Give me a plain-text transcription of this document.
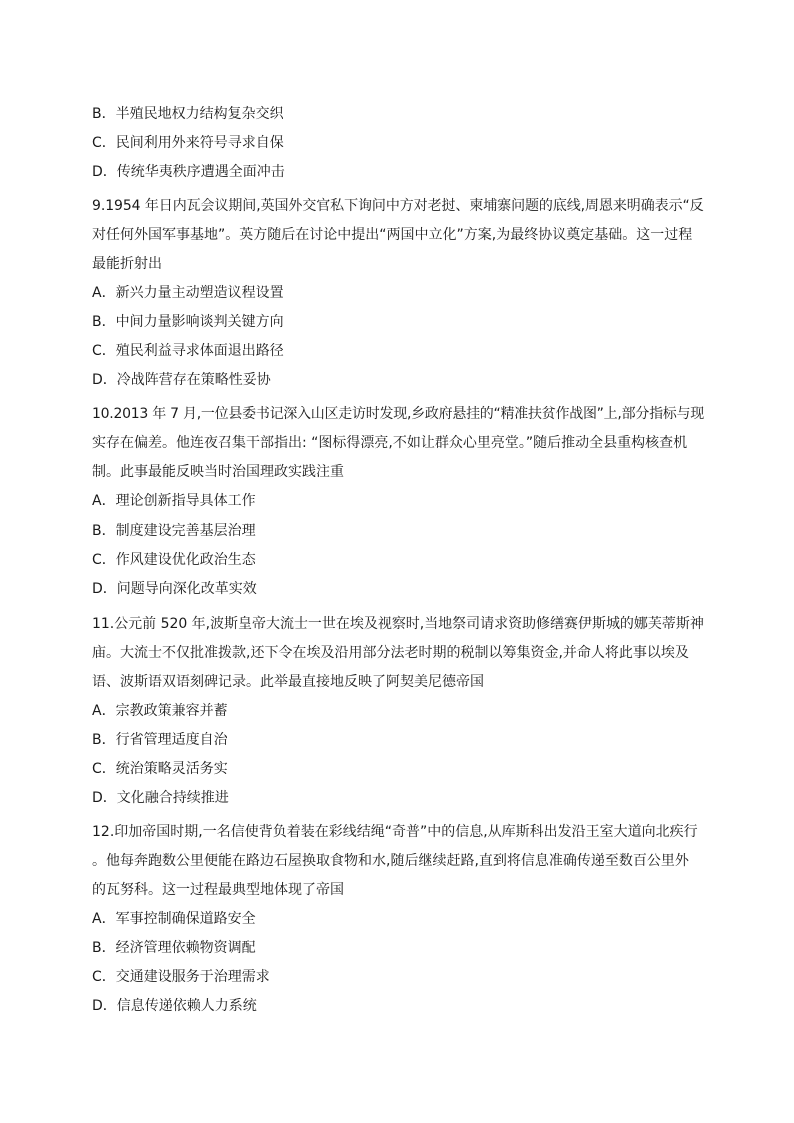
B．半殖民地权力结构复杂交织
C．民间利用外来符号寻求自保
D．传统华夷秩序遭遇全面冲击
9.1954 年日内瓦会议期间,英国外交官私下询问中方对老挝、柬埔寨问题的底线,周恩来明确表示“反
对任何外国军事基地”。英方随后在讨论中提出“两国中立化”方案,为最终协议奠定基础。这一过程
最能折射出
A．新兴力量主动塑造议程设置
B．中间力量影响谈判关键方向
C．殖民利益寻求体面退出路径
D．冷战阵营存在策略性妥协
10.2013 年 7 月,一位县委书记深入山区走访时发现,乡政府悬挂的“精准扶贫作战图”上,部分指标与现
实存在偏差。他连夜召集干部指出: “图标得漂亮,不如让群众心里亮堂。”随后推动全县重构核查机
制。此事最能反映当时治国理政实践注重
A．理论创新指导具体工作
B．制度建设完善基层治理
C．作风建设优化政治生态
D．问题导向深化改革实效
11.公元前 520 年,波斯皇帝大流士一世在埃及视察时,当地祭司请求资助修缮赛伊斯城的娜芙蒂斯神
庙。大流士不仅批准拨款,还下令在埃及沿用部分法老时期的税制以筹集资金,并命人将此事以埃及
语、波斯语双语刻碑记录。此举最直接地反映了阿契美尼德帝国
A．宗教政策兼容并蓄
B．行省管理适度自治
C．统治策略灵活务实
D．文化融合持续推进
12.印加帝国时期,一名信使背负着装在彩线结绳“奇普”中的信息,从库斯科出发沿王室大道向北疾行
。他每奔跑数公里便能在路边石屋换取食物和水,随后继续赶路,直到将信息准确传递至数百公里外
的瓦努科。这一过程最典型地体现了帝国
A．军事控制确保道路安全
B．经济管理依赖物资调配
C．交通建设服务于治理需求
D．信息传递依赖人力系统
